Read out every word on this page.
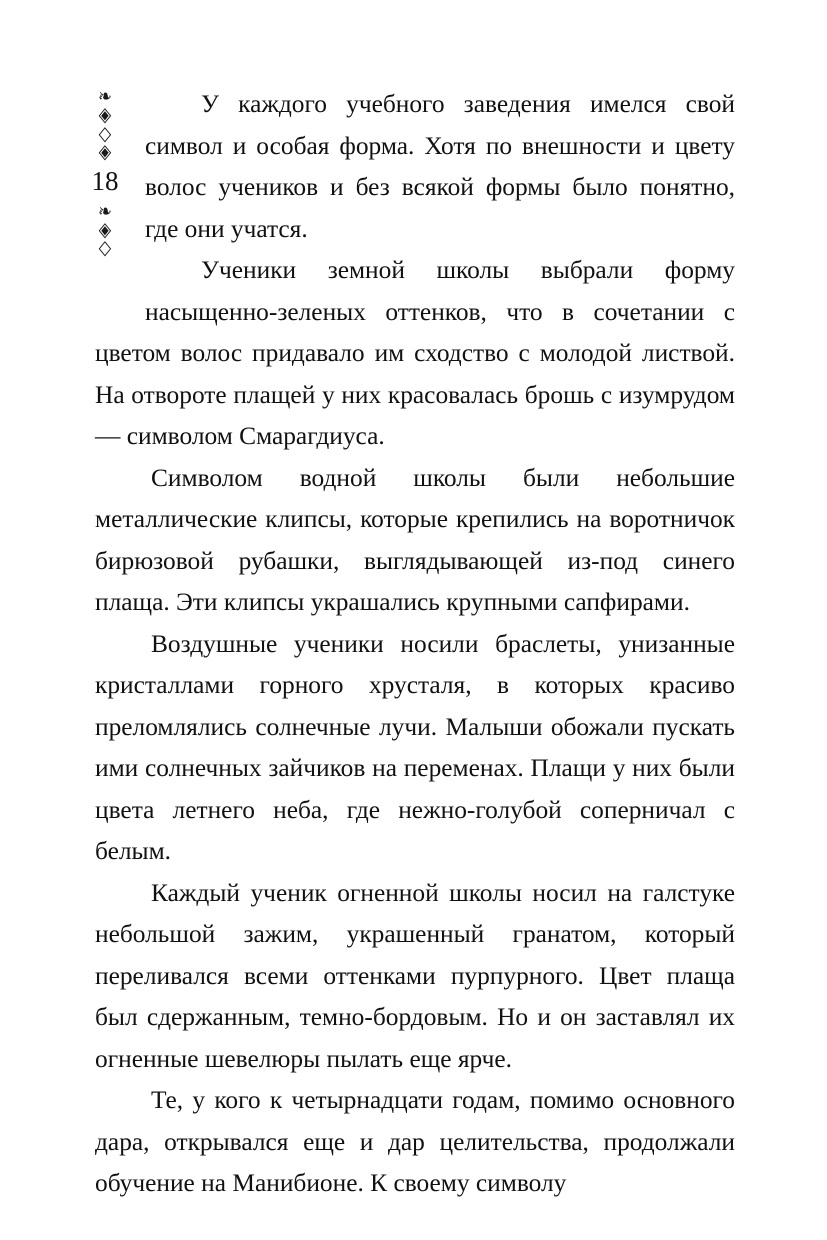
❧
◈
◇
◈
18
❧
◈
◇

У каждого учебного заведения имелся свой символ и особая форма. Хотя по внешности и цвету волос учеников и без всякой формы было понятно, где они учатся.

Ученики земной школы выбрали форму насыщенно-зеленых оттенков, что в сочетании с цветом волос придавало им сходство с молодой листвой. На отвороте плащей у них красовалась брошь с изумрудом — символом Смарагдиуса.

Символом водной школы были небольшие металлические клипсы, которые крепились на воротничок бирюзовой рубашки, выглядывающей из-под синего плаща. Эти клипсы украшались крупными сапфирами.

Воздушные ученики носили браслеты, унизанные кристаллами горного хрусталя, в которых красиво преломлялись солнечные лучи. Малыши обожали пускать ими солнечных зайчиков на переменах. Плащи у них были цвета летнего неба, где нежно-голубой соперничал с белым.

Каждый ученик огненной школы носил на галстуке небольшой зажим, украшенный гранатом, который переливался всеми оттенками пурпурного. Цвет плаща был сдержанным, темно-бордовым. Но и он заставлял их огненные шевелюры пылать еще ярче.

Те, у кого к четырнадцати годам, помимо основного дара, открывался еще и дар целительства, продолжали обучение на Манибионе. К своему символу
